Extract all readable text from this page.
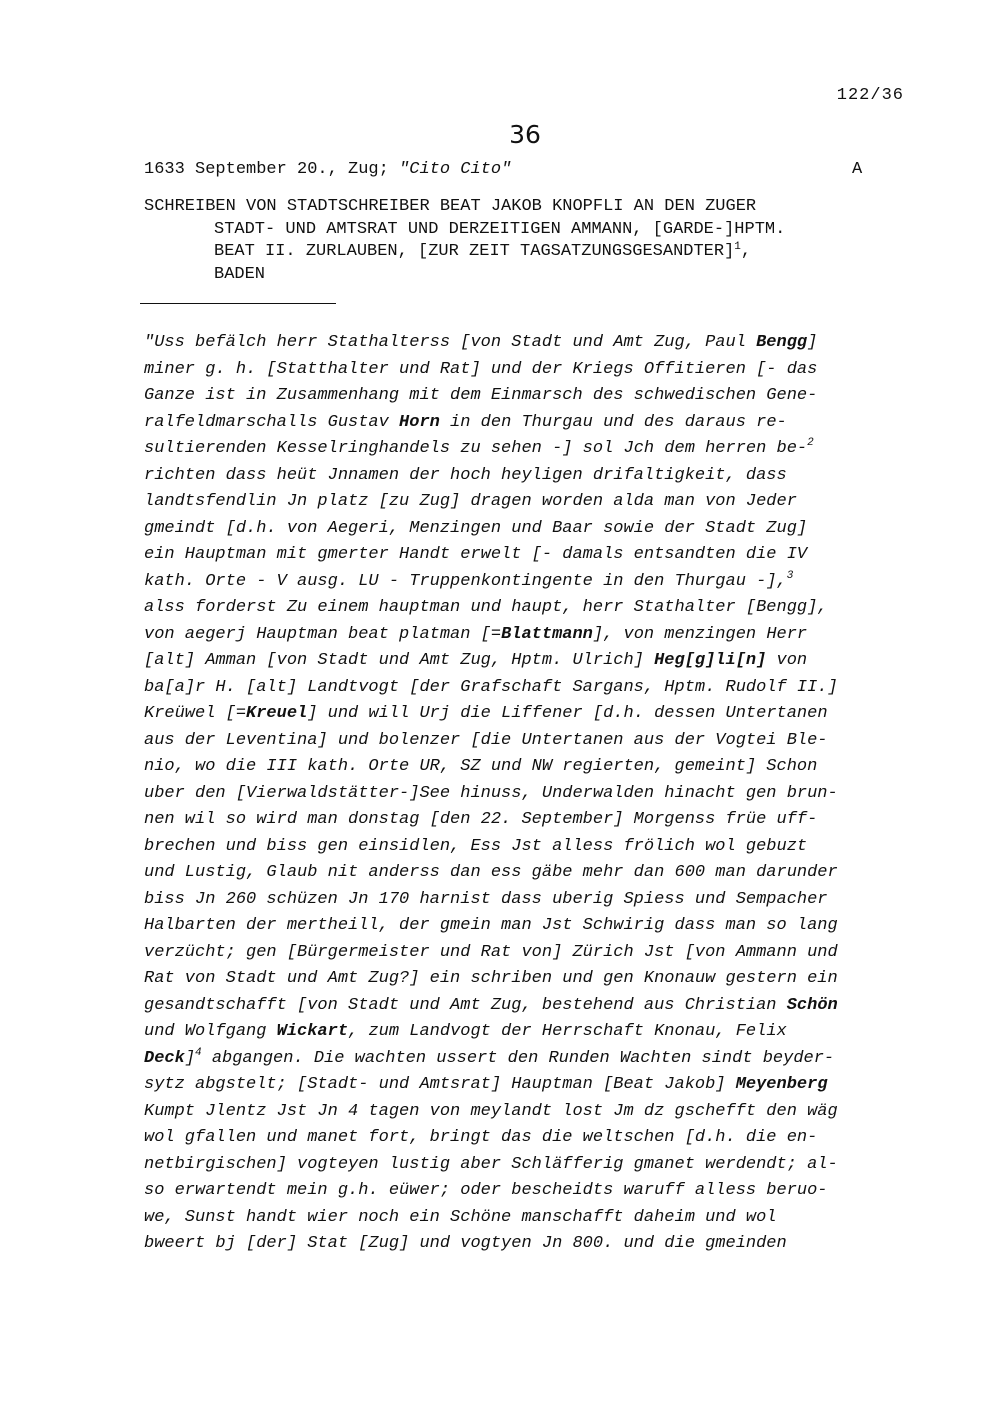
122/36
36
1633 September 20., Zug; "Cito Cito"	A
SCHREIBEN VON STADTSCHREIBER BEAT JAKOB KNOPFLI AN DEN ZUGER
STADT- UND AMTSRAT UND DERZEITIGEN AMMANN, [GARDE-]HPTM.
BEAT II. ZURLAUBEN, [ZUR ZEIT TAGSATZUNGSGESANDTER]$^1$,
BADEN
"Uss befälch herr Stathalterss [von Stadt und Amt Zug, Paul Bengg]
miner g. h. [Statthalter und Rat] und der Kriegs Offitieren [- das
Ganze ist in Zusammenhang mit dem Einmarsch des schwedischen Gene-
ralfeldmarschalls Gustav Horn in den Thurgau und des daraus re-
sultierenden Kesselringhandels zu sehen -] sol Jch dem herren be-$^2$
richten dass heüt Jnnamen der hoch heyligen drifaltigkeit, dass
landtsfendlin Jn platz [zu Zug] dragen worden alda man von Jeder
gmeindt [d.h. von Aegeri, Menzingen und Baar sowie der Stadt Zug]
ein Hauptman mit gmerter Handt erwelt [- damals entsandten die IV
kath. Orte - V ausg. LU - Truppenkontingente in den Thurgau -],$^3$
alss forderst Zu einem hauptman und haupt, herr Stathalter [Bengg],
von aegerj Hauptman beat platman [=Blattmann], von menzingen Herr
[alt] Amman [von Stadt und Amt Zug, Hptm. Ulrich] Heg[g]li[n] von
ba[a]r H. [alt] Landtvogt [der Grafschaft Sargans, Hptm. Rudolf II.]
Kreüwel [=Kreuel] und will Urj die Liffener [d.h. dessen Untertanen
aus der Leventina] und bolenzer [die Untertanen aus der Vogtei Ble-
nio, wo die III kath. Orte UR, SZ und NW regierten, gemeint] Schon
uber den [Vierwaldstätter-]See hinuss, Underwalden hinacht gen brun-
nen wil so wird man donstag [den 22. September] Morgenss früe uff-
brechen und biss gen einsidlen, Ess Jst alless frölich wol gebuzt
und Lustig, Glaub nit anderss dan ess gäbe mehr dan 600 man darunder
biss Jn 260 schüzen Jn 170 harnist dass uberig Spiess und Sempacher
Halbarten der mertheill, der gmein man Jst Schwirig dass man so lang
verzücht; gen [Bürgermeister und Rat von] Zürich Jst [von Ammann und
Rat von Stadt und Amt Zug?] ein schriben und gen Knonauw gestern ein
gesandtschafft [von Stadt und Amt Zug, bestehend aus Christian Schön
und Wolfgang Wickart, zum Landvogt der Herrschaft Knonau, Felix
Deck]$^4$ abgangen. Die wachten ussert den Runden Wachten sindt beyder-
sytz abgstelt; [Stadt- und Amtsrat] Hauptman [Beat Jakob] Meyenberg
Kumpt Jlentz Jst Jn 4 tagen von meylandt lost Jm dz gschefft den wäg
wol gfallen und manet fort, bringt das die weltschen [d.h. die en-
netbirgischen] vogteyen lustig aber Schläfferig gmanet werdendt; al-
so erwartendt mein g.h. eüwer; oder bescheidts waruff alless beruo-
we, Sunst handt wier noch ein Schöne manschafft daheim und wol
bweert bj [der] Stat [Zug] und vogtyen Jn 800. und die gmeinden
